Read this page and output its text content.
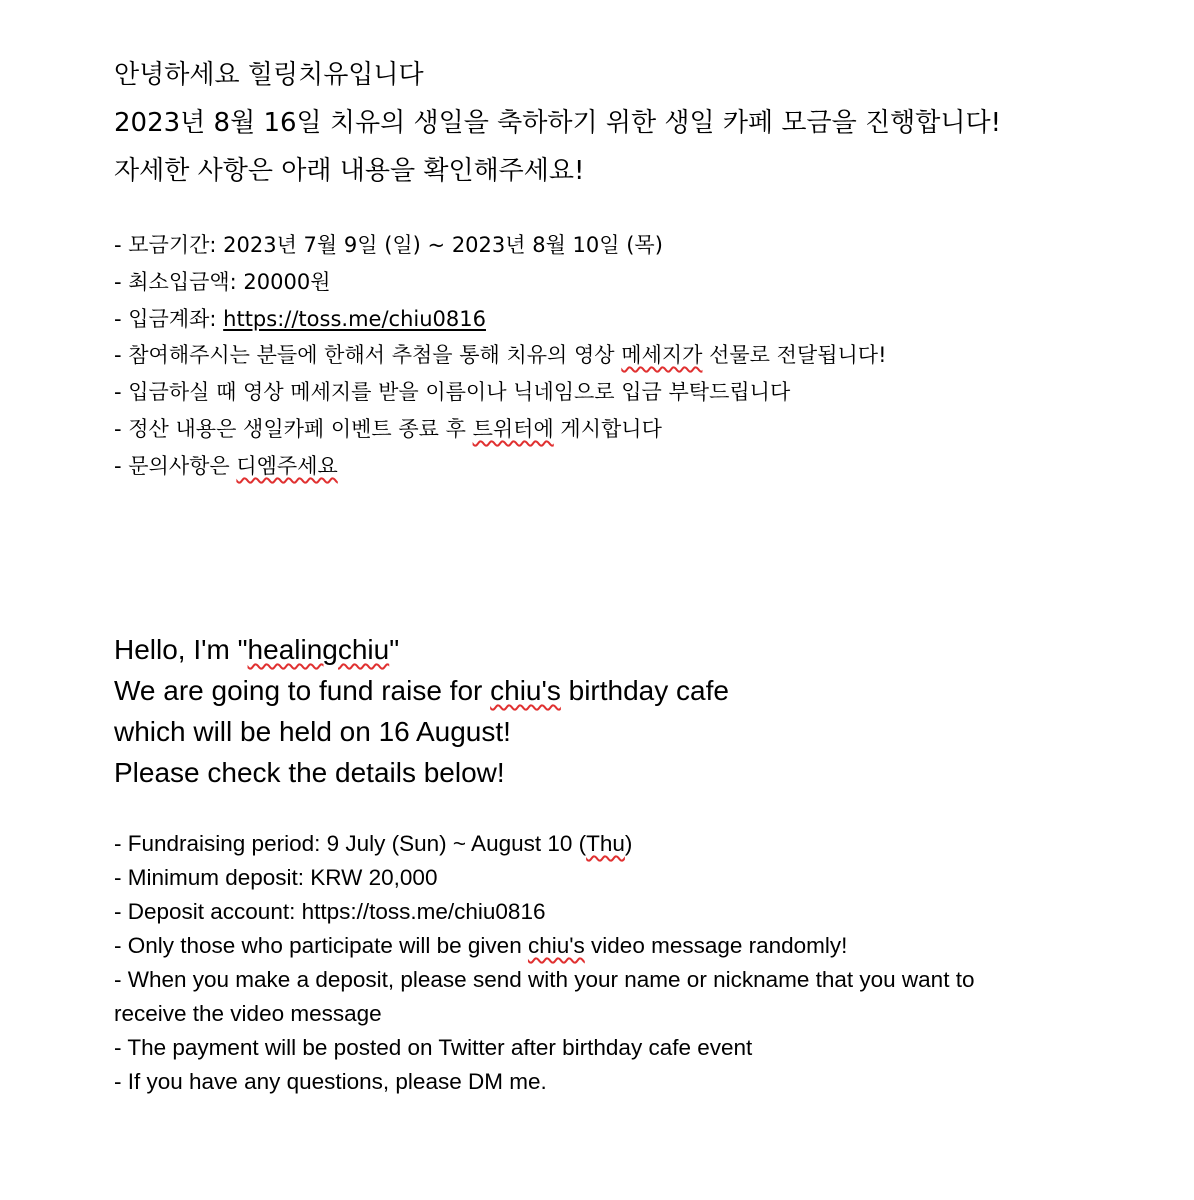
안녕하세요 힐링치유입니다
2023년 8월 16일 치유의 생일을 축하하기 위한 생일 카페 모금을 진행합니다!
자세한 사항은 아래 내용을 확인해주세요!
- 모금기간: 2023년 7월 9일 (일) ~ 2023년 8월 10일 (목)
- 최소입금액: 20000원
- 입금계좌: https://toss.me/chiu0816
- 참여해주시는 분들에 한해서 추첨을 통해 치유의 영상 메세지가 선물로 전달됩니다!
- 입금하실 때 영상 메세지를 받을 이름이나 닉네임으로 입금 부탁드립니다
- 정산 내용은 생일카페 이벤트 종료 후 트위터에 게시합니다
- 문의사항은 디엠주세요
Hello, I'm "healingchiu"
We are going to fund raise for chiu's birthday cafe
which will be held on 16 August!
Please check the details below!
- Fundraising period: 9 July (Sun) ~ August 10 (Thu)
- Minimum deposit: KRW 20,000
- Deposit account: https://toss.me/chiu0816
- Only those who participate will be given chiu's video message randomly!
- When you make a deposit, please send with your name or nickname that you want to
receive the video message
- The payment will be posted on Twitter after birthday cafe event
- If you have any questions, please DM me.
